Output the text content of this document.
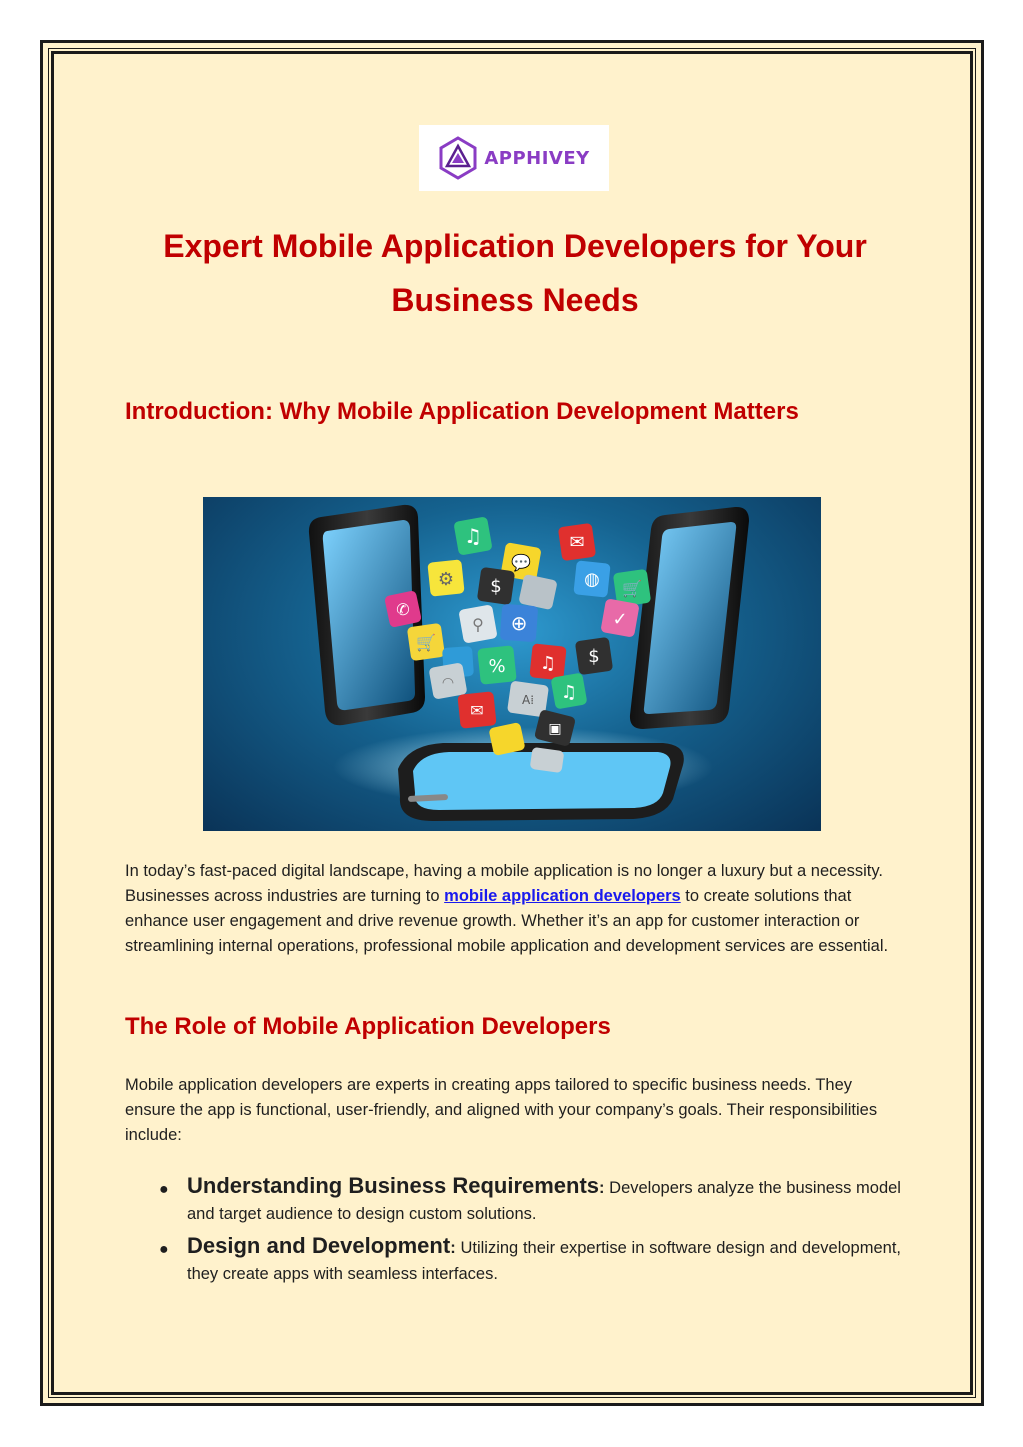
APPHIVEY
Expert Mobile Application Developers for Your Business Needs
Introduction: Why Mobile Application Development Matters
♫	✉
💬
⚙ $	◍ 🛒
✆
⚲ ⊕	✓
🛒
% ♫ $
◠
A⁞ ♫
✉
▣

In today’s fast-paced digital landscape, having a mobile application is no longer a luxury but a necessity. Businesses across industries are turning to mobile application developers to create solutions that enhance user engagement and drive revenue growth. Whether it’s an app for customer interaction or streamlining internal operations, professional mobile application and development services are essential.

The Role of Mobile Application Developers

Mobile application developers are experts in creating apps tailored to specific business needs. They ensure the app is functional, user-friendly, and aligned with your company’s goals. Their responsibilities include:

● Understanding Business Requirements: Developers analyze the business model and target audience to design custom solutions.
● Design and Development: Utilizing their expertise in software design and development, they create apps with seamless interfaces.
